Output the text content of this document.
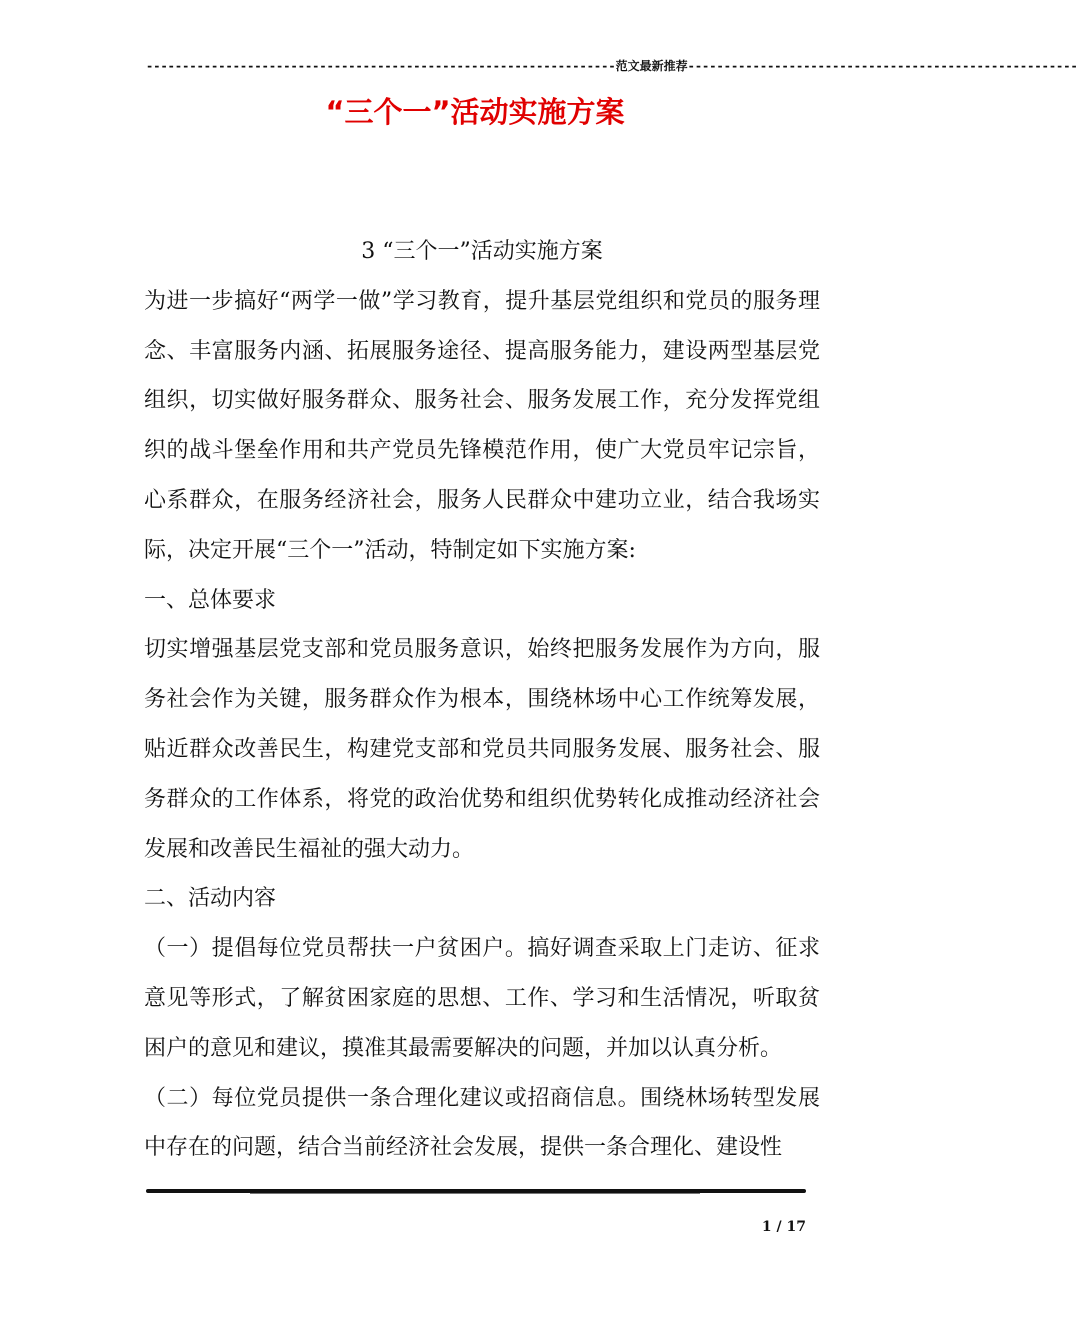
-----------------------------------------------------------------范文最新推荐------------------------------------------------------
“三个一”活动实施方案

3 “三个一”活动实施方案

为进一步搞好“两学一做”学习教育，提升基层党组织和党员的服务理念、丰富服务内涵、拓展服务途径、提高服务能力，建设两型基层党组织，切实做好服务群众、服务社会、服务发展工作，充分发挥党组织的战斗堡垒作用和共产党员先锋模范作用，使广大党员牢记宗旨，心系群众，在服务经济社会，服务人民群众中建功立业，结合我场实际，决定开展“三个一”活动，特制定如下实施方案:

一、总体要求

切实增强基层党支部和党员服务意识，始终把服务发展作为方向，服务社会作为关键，服务群众作为根本，围绕林场中心工作统筹发展，贴近群众改善民生，构建党支部和党员共同服务发展、服务社会、服务群众的工作体系，将党的政治优势和组织优势转化成推动经济社会发展和改善民生福祉的强大动力。

二、活动内容

（一）提倡每位党员帮扶一户贫困户。搞好调查采取上门走访、征求意见等形式，了解贫困家庭的思想、工作、学习和生活情况，听取贫困户的意见和建议，摸准其最需要解决的问题，并加以认真分析。

（二）每位党员提供一条合理化建议或招商信息。围绕林场转型发展中存在的问题，结合当前经济社会发展，提供一条合理化、建设性

1 / 17
